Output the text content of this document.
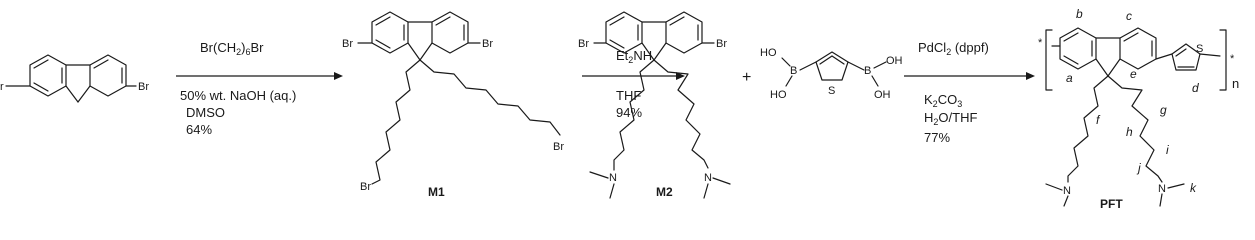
Br
r
$Br(CH_2)_6Br$
50% wt. NaOH (aq.)
DMSO
64%
Br	Br
Br
Br
M1
$Et_2NH$
THF
94%
Br	Br
N	N
M2
+
S
B
HO
HO
B
OH
OH
PdCl$_2$ (dppf)
$K_2CO_3$
$H_2O$/THF
77%
*
*
n
S
N	N
a
b	c
d
e
f
g
h
i
j
k
PFT
